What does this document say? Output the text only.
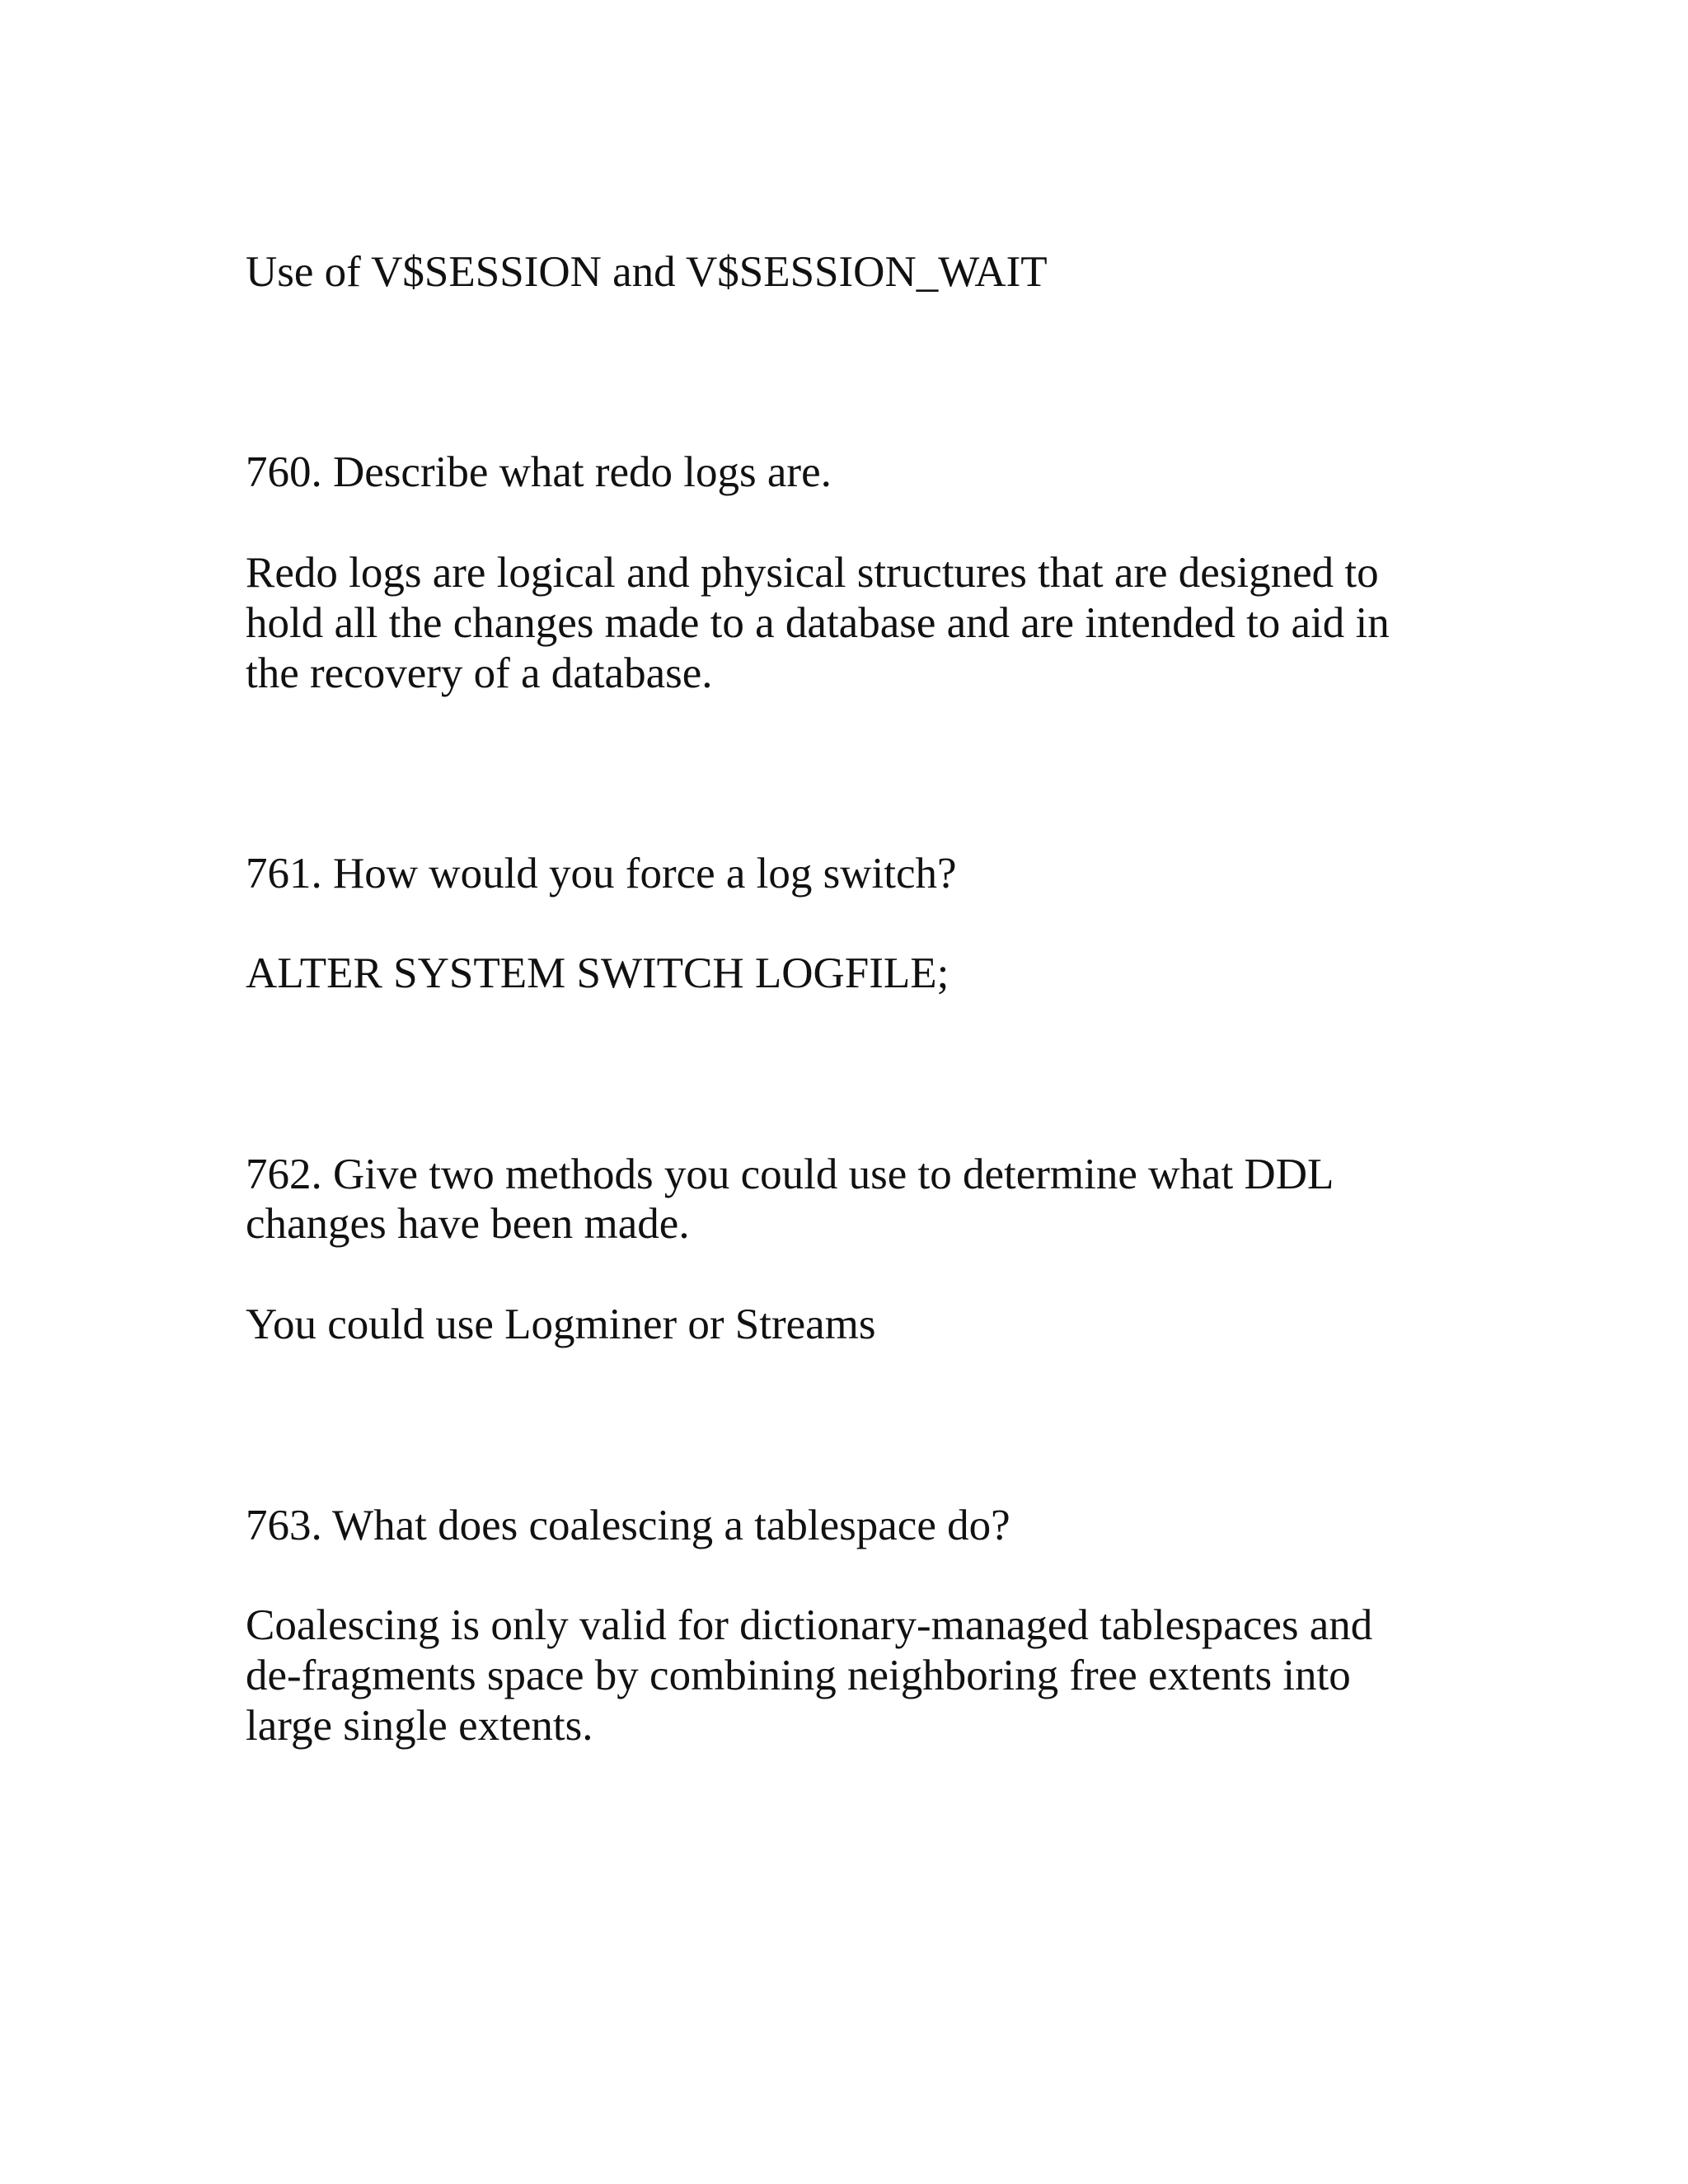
Use of V$SESSION and V$SESSION_WAIT

760. Describe what redo logs are.

Redo logs are logical and physical structures that are designed to

hold all the changes made to a database and are intended to aid in

the recovery of a database.

761. How would you force a log switch?

ALTER SYSTEM SWITCH LOGFILE;

762. Give two methods you could use to determine what DDL

changes have been made.

You could use Logminer or Streams

763. What does coalescing a tablespace do?

Coalescing is only valid for dictionary-managed tablespaces and

de-fragments space by combining neighboring free extents into

large single extents.
